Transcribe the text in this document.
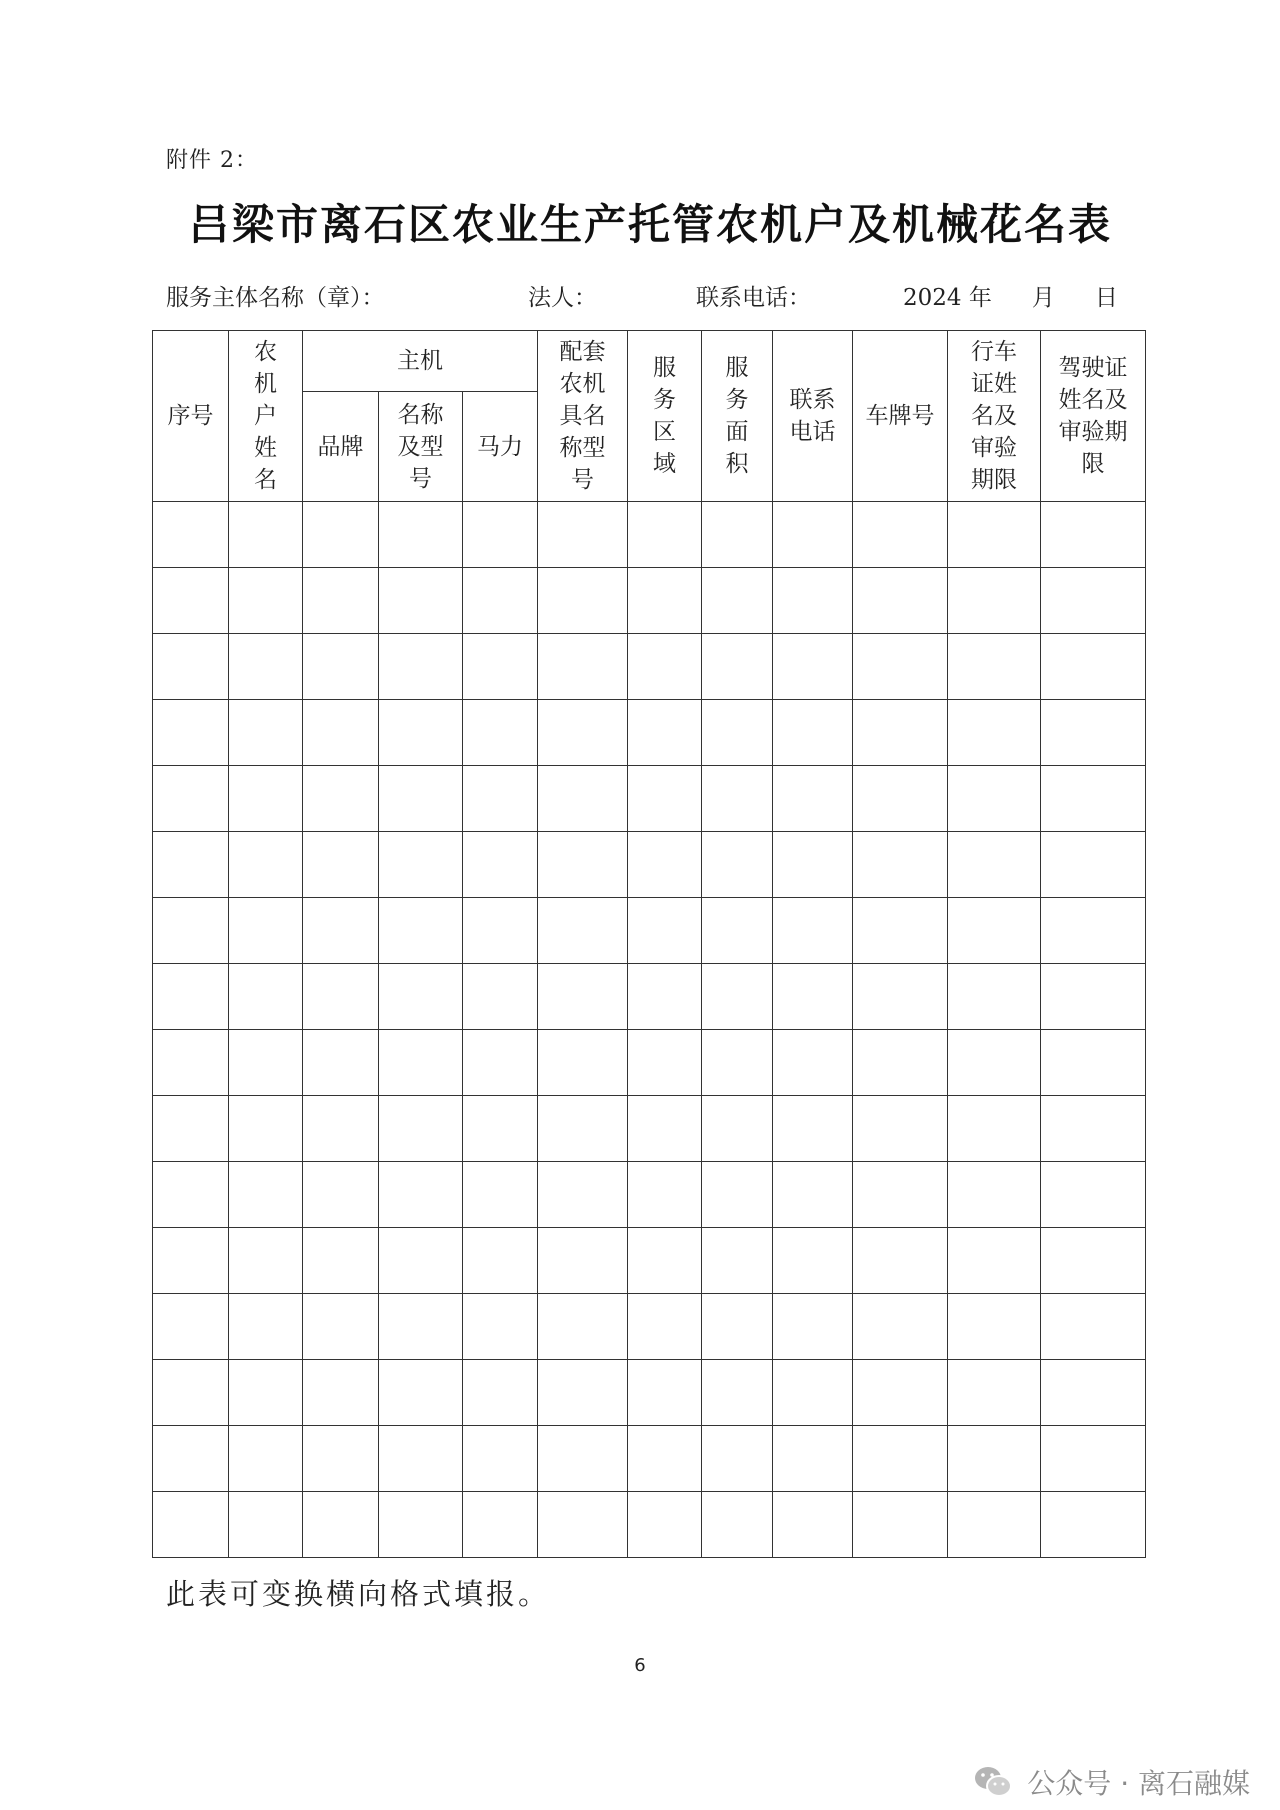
附件 2：
吕梁市离石区农业生产托管农机户及机械花名表
服务主体名称（章）：	法人：	联系电话：	2024 年 月 日
序号	农机户姓名	主机			配套农机具名称型号	服务区域	服务面积	联系电话	车牌号	行车证姓名及审验期限	驾驶证姓名及审验期限
		品牌	名称及型号	马力							

此表可变换横向格式填报。
6
公众号 · 离石融媒
